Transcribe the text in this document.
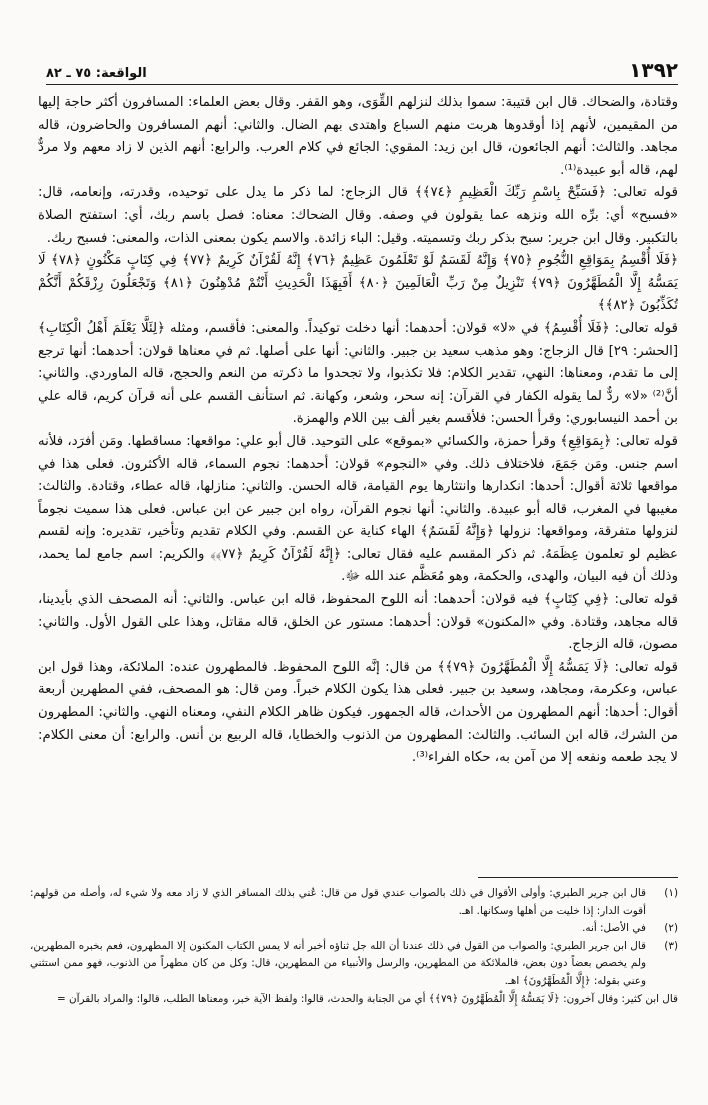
الواقعة: ٧٥ ـ ٨٢	١٣٩٢

وقتادة، والضحاك. قال ابن قتيبة: سموا بذلك لنزلهم القِّوَى، وهو القفر. وقال بعض العلماء: المسافرون أكثر حاجة إليها من المقيمين، لأنهم إذا أوقدوها هربت منهم السباع واهتدى بهم الضال. والثاني: أنهم المسافرون والحاضرون، قاله مجاهد. والثالث: أنهم الجائعون، قال ابن زيد: المقوي: الجائع في كلام العرب. والرابع: أنهم الذين لا زاد معهم ولا مردٌّ لهم، قاله أبو عبيدة⁽¹⁾.

قوله تعالى: ﴿فَسَبِّحْ بِاسْمِ رَبِّكَ الْعَظِيمِ ﴿٧٤﴾﴾ قال الزجاج: لما ذكر ما يدل على توحيده، وقدرته، وإنعامه، قال: «فسبح» أي: برِّه الله ونزهه عما يقولون في وصفه. وقال الضحاك: معناه: فصل باسم ربك، أي: استفتح الصلاة بالتكبير. وقال ابن جرير: سبح بذكر ربك وتسميته. وقيل: الباء زائدة. والاسم يكون بمعنى الذات، والمعنى: فسبح ربك.

﴿فَلَا أُقْسِمُ بِمَوَاقِعِ النُّجُومِ ﴿٧٥﴾ وَإِنَّهُ لَقَسَمٌ لَوْ تَعْلَمُونَ عَظِيمٌ ﴿٧٦﴾ إِنَّهُ لَقُرْآنٌ كَرِيمٌ ﴿٧٧﴾ فِي كِتَابٍ مَكْنُونٍ ﴿٧٨﴾ لَا يَمَسُّهُ إِلَّا الْمُطَهَّرُونَ ﴿٧٩﴾ تَنْزِيلٌ مِنْ رَبِّ الْعَالَمِينَ ﴿٨٠﴾ أَفَبِهَذَا الْحَدِيثِ أَنْتُمْ مُدْهِنُونَ ﴿٨١﴾ وَتَجْعَلُونَ رِزْقَكُمْ أَنَّكُمْ تُكَذِّبُونَ ﴿٨٢﴾﴾

قوله تعالى: ﴿فَلَا أُقْسِمُ﴾ في «لا» قولان: أحدهما: أنها دخلت توكيداً. والمعنى: فأقسم، ومثله ﴿لِئَلَّا يَعْلَمَ أَهْلُ الْكِتَابِ﴾ [الحشر: ٢٩] قال الزجاج: وهو مذهب سعيد بن جبير. والثاني: أنها على أصلها. ثم في معناها قولان: أحدهما: أنها ترجع إلى ما تقدم، ومعناها: النهي، تقدير الكلام: فلا تكذبوا، ولا تجحدوا ما ذكرته من النعم والحجج، قاله الماوردي. والثاني: أنَّ⁽²⁾ «لا» ردٌّ لما يقوله الكفار في القرآن: إنه سحر، وشعر، وكهانة. ثم استأنف القسم على أنه قرآن كريم، قاله علي بن أحمد النيسابوري: وقرأ الحسن: فلأقسم بغير ألف بين اللام والهمزة.

قوله تعالى: ﴿بِمَوَاقِعِ﴾ وقرأ حمزة، والكسائي «بموقع» على التوحيد. قال أبو علي: مواقعها: مساقطها. ومَن أفرَد، فلأنه اسم جنس. ومَن جَمَعَ، فلاختلاف ذلك. وفي «النجوم» قولان: أحدهما: نجوم السماء، قاله الأكثرون. فعلى هذا في مواقعها ثلاثة أقوال: أحدها: انكدارها وانتثارها يوم القيامة، قاله الحسن. والثاني: منازلها، قاله عطاء، وقتادة. والثالث: مغيبها في المغرب، قاله أبو عبيدة. والثاني: أنها نجوم القرآن، رواه ابن جبير عن ابن عباس. فعلى هذا سميت نجوماً لنزولها متفرقة، ومواقعها: نزولها ﴿وَإِنَّهُ لَقَسَمٌ﴾ الهاء كناية عن القسم. وفي الكلام تقديم وتأخير، تقديره: وإنه لقسم عظيم لو تعلمون عِظَمَهُ. ثم ذكر المقسم عليه فقال تعالى: ﴿إِنَّهُ لَقُرْآنٌ كَرِيمٌ ﴿٧٧﴾﴾ والكريم: اسم جامع لما يحمد، وذلك أن فيه البيان، والهدى، والحكمة، وهو مُعَظَّم عند الله ﷻ.

قوله تعالى: ﴿فِي كِتَابٍ﴾ فيه قولان: أحدهما: أنه اللوح المحفوظ، قاله ابن عباس. والثاني: أنه المصحف الذي بأيدينا، قاله مجاهد، وقتادة. وفي «المكنون» قولان: أحدهما: مستور عن الخلق، قاله مقاتل، وهذا على القول الأول. والثاني: مصون، قاله الزجاج.

قوله تعالى: ﴿لَا يَمَسُّهُ إِلَّا الْمُطَهَّرُونَ ﴿٧٩﴾﴾ من قال: إنَّه اللوح المحفوظ. فالمطهرون عنده: الملائكة، وهذا قول ابن عباس، وعكرمة، ومجاهد، وسعيد بن جبير. فعلى هذا يكون الكلام خبراً. ومن قال: هو المصحف، ففي المطهرين أربعة أقوال: أحدها: أنهم المطهرون من الأحداث، قاله الجمهور. فيكون ظاهر الكلام النفي، ومعناه النهي. والثاني: المطهرون من الشرك، قاله ابن السائب. والثالث: المطهرون من الذنوب والخطايا، قاله الربيع بن أنس. والرابع: أن معنى الكلام: لا يجد طعمه ونفعه إلا من آمن به، حكاه الفراء⁽³⁾.

(١)
قال ابن جرير الطبري: وأولى الأقوال في ذلك بالصواب عندي قول من قال: عُني بذلك المسافر الذي لا زاد معه ولا شيء له، وأصله من قولهم: أقوت الدار: إذا خليت من أهلها وسكانها. اهـ.
(٢)
في الأصل: أنه.
(٣)
قال ابن جرير الطبري: والصواب من القول في ذلك عندنا أن الله جل ثناؤه أخبر أنه لا يمس الكتاب المكنون إلا المطهرون، فعم بخبره المطهرين، ولم يخصص بعضاً دون بعض، فالملائكة من المطهرين، والرسل والأنبياء من المطهرين، قال: وكل من كان مطهراً من الذنوب، فهو ممن استثني وعني بقوله: ﴿إِلَّا الْمُطَهَّرُونَ﴾ اهـ.

قال ابن كثير: وقال آخرون: ﴿لَا يَمَسُّهُ إِلَّا الْمُطَهَّرُونَ ﴿٧٩﴾﴾ أي من الجنابة والحدث، قالوا: ولفظ الآية خبر، ومعناها الطلب، قالوا: والمراد بالقرآن =
